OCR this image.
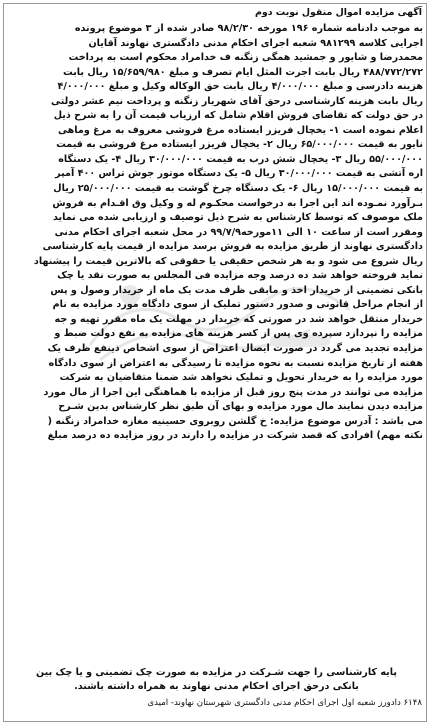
آگهی مزایده اموال منقول نوبت دوم
به موجب دادنامه شماره ۱۹۶ مورخه ۹۸/۲/۳۰ صادر شده از ۳ موضوع پرونده
اجرایی کلاسه ۹۸۱۲۹۹ شعبه اجرای احکام مدنی دادگستری نهاوند آقایان
محمدرضا و شایور و جمشید همگی زنگنه ف خدامراد محکوم است به پرداخت
۴۸۸/۷۷۲/۲۷۲ ریال بابت اجرت المثل ایام تصرف و مبلغ ۱۵/۶۵۹/۹۸۰ ریال بابت
هزینه دادرسی و مبلغ ۴/۰۰۰/۰۰۰ ریال بابت حق الوکاله وکیل و مبلغ ۴/۰۰۰/۰۰۰
ریال بابت هزینه کارشناسی درحق آقای شهریار زنگنه و پرداخت نیم عشر دولتی
در حق دولت که تقاضای فروش اقلام شامل که ارزیاب قیمت آن را به شرح ذیل
اعلام نموده است ۱- یخچال فریزر ایستاده مرغ فروشی معروف به مرغ وماهی
نایور به قیمت ۶۵/۰۰۰/۰۰۰ ریال ۲- یخچال فریزر ایستاده مرغ فروشی به قیمت
۵۵/۰۰۰/۰۰۰ ریال ۳- یخچال شش درب به قیمت ۳۰/۰۰۰/۰۰۰ ریال ۴- یک دستگاه
اره آتشی به قیمت ۳۰/۰۰۰/۰۰۰ ریال ۵- یک دستگاه موتور جوش تراس ۴۰۰ آمپر
به قیمت ۱۵/۰۰۰/۰۰۰ ریال ۶- یک دستگاه چرخ گوشت به قیمت ۲۵/۰۰۰/۰۰۰ ریال
بـرآورد نمـوده اند این اجرا به درخواست محکـوم له و وکیل وق اقـدام به فروش
ملک موصوف که توسط کارشناس به شرح ذیل توصیف و ارزیابی شده می نماید
ومقرر است از ساعت ۱۰ الی ۱۱مورخه۹۹/۷/۹ در محل شعبه اجرای احکام مدنی
دادگستری نهاوند از طریق مزایده به فروش برسد مزایده از قیمت پایه کارشناسی
ریال شروع می شود و به هر شخص حقیقی یا حقوقی که بالاترین قیمت را پیشنهاد
نماید فروخته خواهد شد ده درصد وجه مزایده فی المجلس به صورت نقد یا چک
بانکی تضمینی از خریدار اخذ و مابقی ظرف مدت یک ماه از خریدار وصول و پس
از انجام مراحل قانونی و صدور دستور تملیک از سوی دادگاه مورد مزایده به نام
خریدار منتقل خواهد شد در صورتی که خریدار در مهلت یک ماه مقرر تهیه و جه
مزایده را نپردازد سپرده وی پس از کسر هزینه های مزایده به نفع دولت ضبط و
مزایده تجدید می گردد در صورت ایصال اعتراض از سوی اشخاص ذینفع ظرف یک
هفته از تاریخ مزایده نسبت به نحوه مزایده تا رسیدگی به اعتراض از سوی دادگاه
مورد مزایده را به خریدار تحویل و تملیک نخواهد شد ضمنا متقاضیان به شرکت
مزایده می توانند در مدت پنج روز قبل از مزایده با هماهنگی این اجرا از مال مورد
مزایده دیدن نمایند مال مورد مزایده و بهای آن طبق نظر کارشناس بدین شـرح
می باشد : آدرس موضوع مزایده: خ گلشن روبروی حسینیه مغازه خدامراد زنگنه (
نکته مهم) افرادی که قصد شرکت در مزایده را دارند در روز مزایده ده درصد مبلغ
پایه کارشناسی را جهت شـرکت در مزایده به صورت چک تضمینی و یا چک بین
بانکی درحق اجرای احکام مدنی نهاوند به همراه داشته باشند.
۶۱۴۸ دادورز شعبه اول اجرای احکام مدنی دادگستری شهرستان نهاوند- امیدی
